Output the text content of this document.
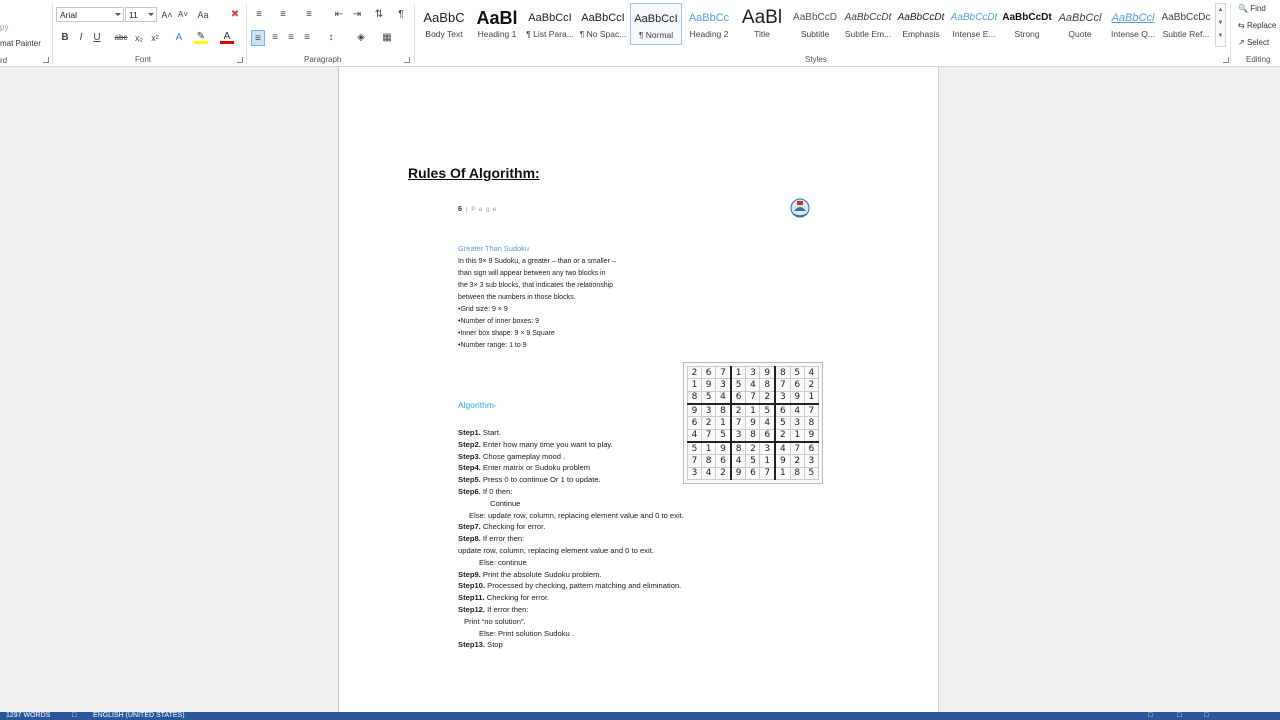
py
mat Painter
rd
Arial	11	A˄ A˅ Aa ✖
B	I	U	abc x₂ x²	A	✎	A
Font
≡	≡	≡	⇤ ⇥ ⇅	¶
≡	≡	≡	≡	↕	◈	▦
Paragraph
AaBbC
Body Text
AaBl
Heading 1
AaBbCcI
¶ List Para...
AaBbCcI
¶ No Spac...
AaBbCcI
¶ Normal
AaBbCc
Heading 2
AaBl
Title
AaBbCcD
Subtitle
AaBbCcDt
Subtle Em...
AaBbCcDt
Emphasis
AaBbCcDt
Intense E...
AaBbCcDt
Strong
AaBbCcl
Quote
AaBbCcl
Intense Q...
AaBbCcDc
Subtle Ref...
▲
▼
▼
Styles
🔍 Find
⇆ Replace
↗ Select
Editing
Rules Of Algorithm:
6 | P a g e
Greater Than Sudoku
In this 9× 9 Sudoku, a greater – than or a smaller –
than sign will appear between any two blocks in
the 3× 3 sub blocks, that indicates the relationship
between the numbers in those blocks.
•Grid size: 9 × 9
•Number of inner boxes: 9
•Inner box shape: 9 × 9 Square
•Number range: 1 to 9
2	6	7	1	3	9	8	5	4
1	9	3	5	4	8	7	6	2
8	5	4	6	7	2	3	9	1
9	3	8	2	1	5	6	4	7
6	2	1	7	9	4	5	3	8
4	7	5	3	8	6	2	1	9
5	1	9	8	2	3	4	7	6
7	8	6	4	5	1	9	2	3
3	4	2	9	6	7	1	8	5
Algorithm-
Step1. Start.
Step2. Enter how many time you want to play.
Step3. Chose gameplay mood .
Step4. Enter matrix or Sudoku problem
Step5. Press 0 to continue Or 1 to update.
Step6. If 0 then:
Continue
Else: update row, column, replacing element value and 0 to exit.
Step7. Checking for error.
Step8. If error then:
update row, column, replacing element value and 0 to exit.
Else: continue
Step9. Print the absolute Sudoku problem.
Step10. Processed by checking, pattern matching and elimination.
Step11. Checking for error.
Step12. If error then:
Print “no solution”.
Else: Print solution Sudoku .
Step13. Stop
1297 WORDS	□ ENGLISH (UNITED STATES)	□	□	□
